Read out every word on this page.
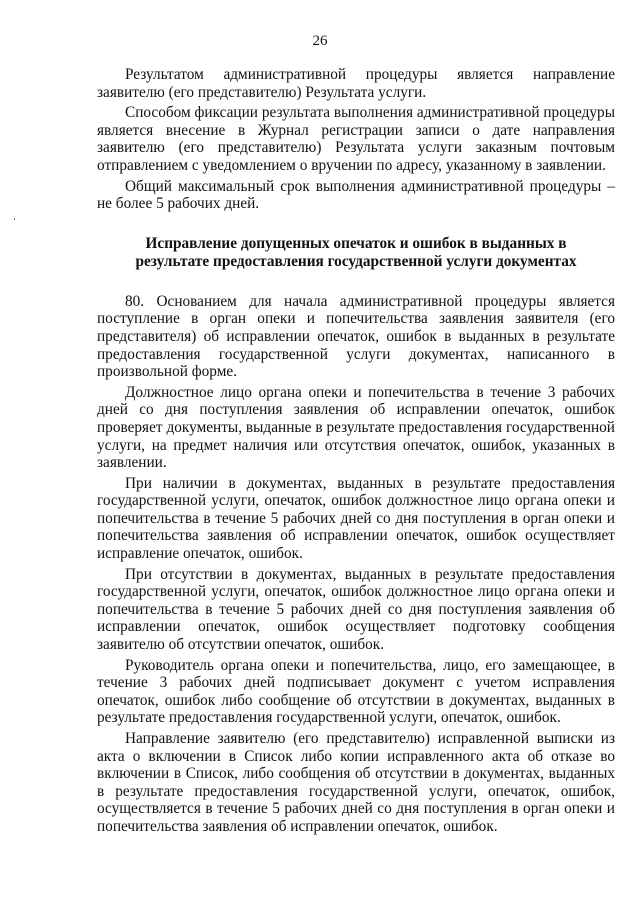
26

Результатом административной процедуры является направление заявителю (его представителю) Результата услуги.

Способом фиксации результата выполнения административной процедуры является внесение в Журнал регистрации записи о дате направления заявителю (его представителю) Результата услуги заказным почтовым отправлением с уведомлением о вручении по адресу, указанному в заявлении.

Общий максимальный срок выполнения административной процедуры – не более 5 рабочих дней.

Исправление допущенных опечаток и ошибок в выданных в результате предоставления государственной услуги документах

80. Основанием для начала административной процедуры является поступление в орган опеки и попечительства заявления заявителя (его представителя) об исправлении опечаток, ошибок в выданных в результате предоставления государственной услуги документах, написанного в произвольной форме.

Должностное лицо органа опеки и попечительства в течение 3 рабочих дней со дня поступления заявления об исправлении опечаток, ошибок проверяет документы, выданные в результате предоставления государственной услуги, на предмет наличия или отсутствия опечаток, ошибок, указанных в заявлении.

При наличии в документах, выданных в результате предоставления государственной услуги, опечаток, ошибок должностное лицо органа опеки и попечительства в течение 5 рабочих дней со дня поступления в орган опеки и попечительства заявления об исправлении опечаток, ошибок осуществляет исправление опечаток, ошибок.

При отсутствии в документах, выданных в результате предоставления государственной услуги, опечаток, ошибок должностное лицо органа опеки и попечительства в течение 5 рабочих дней со дня поступления заявления об исправлении опечаток, ошибок осуществляет подготовку сообщения заявителю об отсутствии опечаток, ошибок.

Руководитель органа опеки и попечительства, лицо, его замещающее, в течение 3 рабочих дней подписывает документ с учетом исправления опечаток, ошибок либо сообщение об отсутствии в документах, выданных в результате предоставления государственной услуги, опечаток, ошибок.

Направление заявителю (его представителю) исправленной выписки из акта о включении в Список либо копии исправленного акта об отказе во включении в Список, либо сообщения об отсутствии в документах, выданных в результате предоставления государственной услуги, опечаток, ошибок, осуществляется в течение 5 рабочих дней со дня поступления в орган опеки и попечительства заявления об исправлении опечаток, ошибок.
